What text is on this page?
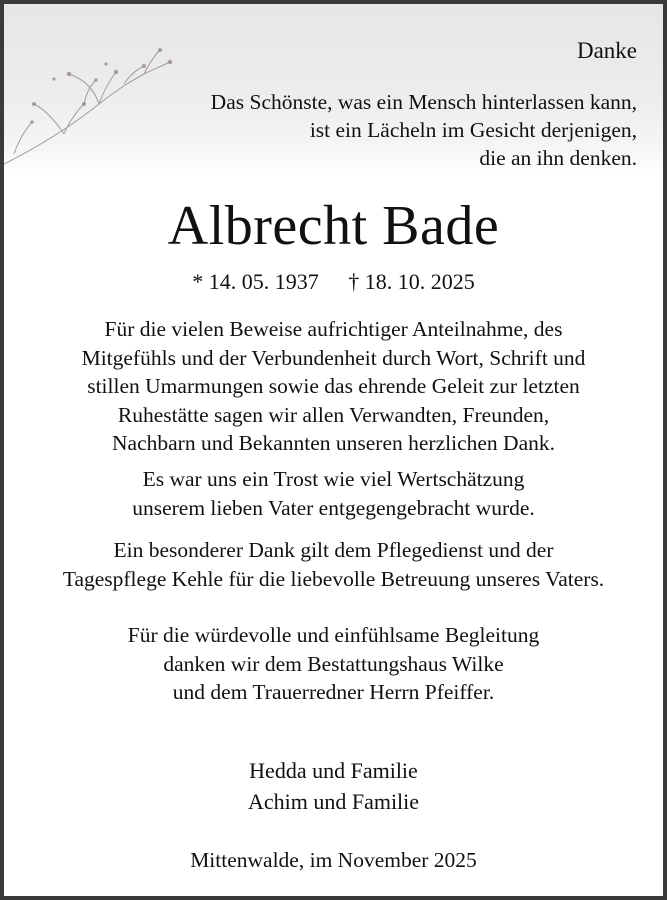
Danke
Das Schönste, was ein Mensch hinterlassen kann,
ist ein Lächeln im Gesicht derjenigen,
die an ihn denken.
Albrecht Bade
* 14. 05. 1937 † 18. 10. 2025
Für die vielen Beweise aufrichtiger Anteilnahme, des
Mitgefühls und der Verbundenheit durch Wort, Schrift und
stillen Umarmungen sowie das ehrende Geleit zur letzten
Ruhestätte sagen wir allen Verwandten, Freunden,
Nachbarn und Bekannten unseren herzlichen Dank.
Es war uns ein Trost wie viel Wertschätzung
unserem lieben Vater entgegengebracht wurde.
Ein besonderer Dank gilt dem Pflegedienst und der
Tagespflege Kehle für die liebevolle Betreuung unseres Vaters.
Für die würdevolle und einfühlsame Begleitung
danken wir dem Bestattungshaus Wilke
und dem Trauerredner Herrn Pfeiffer.
Hedda und Familie
Achim und Familie
Mittenwalde, im November 2025
